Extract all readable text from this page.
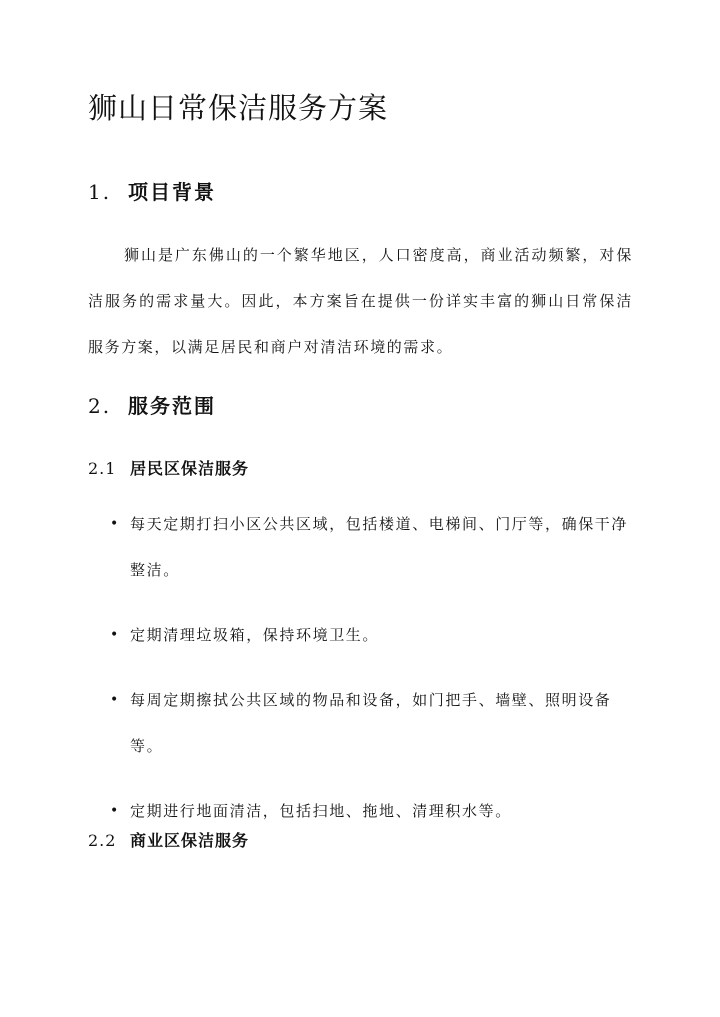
狮山日常保洁服务方案
1. 项目背景

狮山是广东佛山的一个繁华地区，人口密度高，商业活动频繁，对保洁服务的需求量大。因此，本方案旨在提供一份详实丰富的狮山日常保洁服务方案，以满足居民和商户对清洁环境的需求。

2. 服务范围
2.1 居民区保洁服务
• 每天定期打扫小区公共区域，包括楼道、电梯间、门厅等，确保干净整洁。
• 定期清理垃圾箱，保持环境卫生。
• 每周定期擦拭公共区域的物品和设备，如门把手、墙壁、照明设备等。
• 定期进行地面清洁，包括扫地、拖地、清理积水等。
2.2 商业区保洁服务
